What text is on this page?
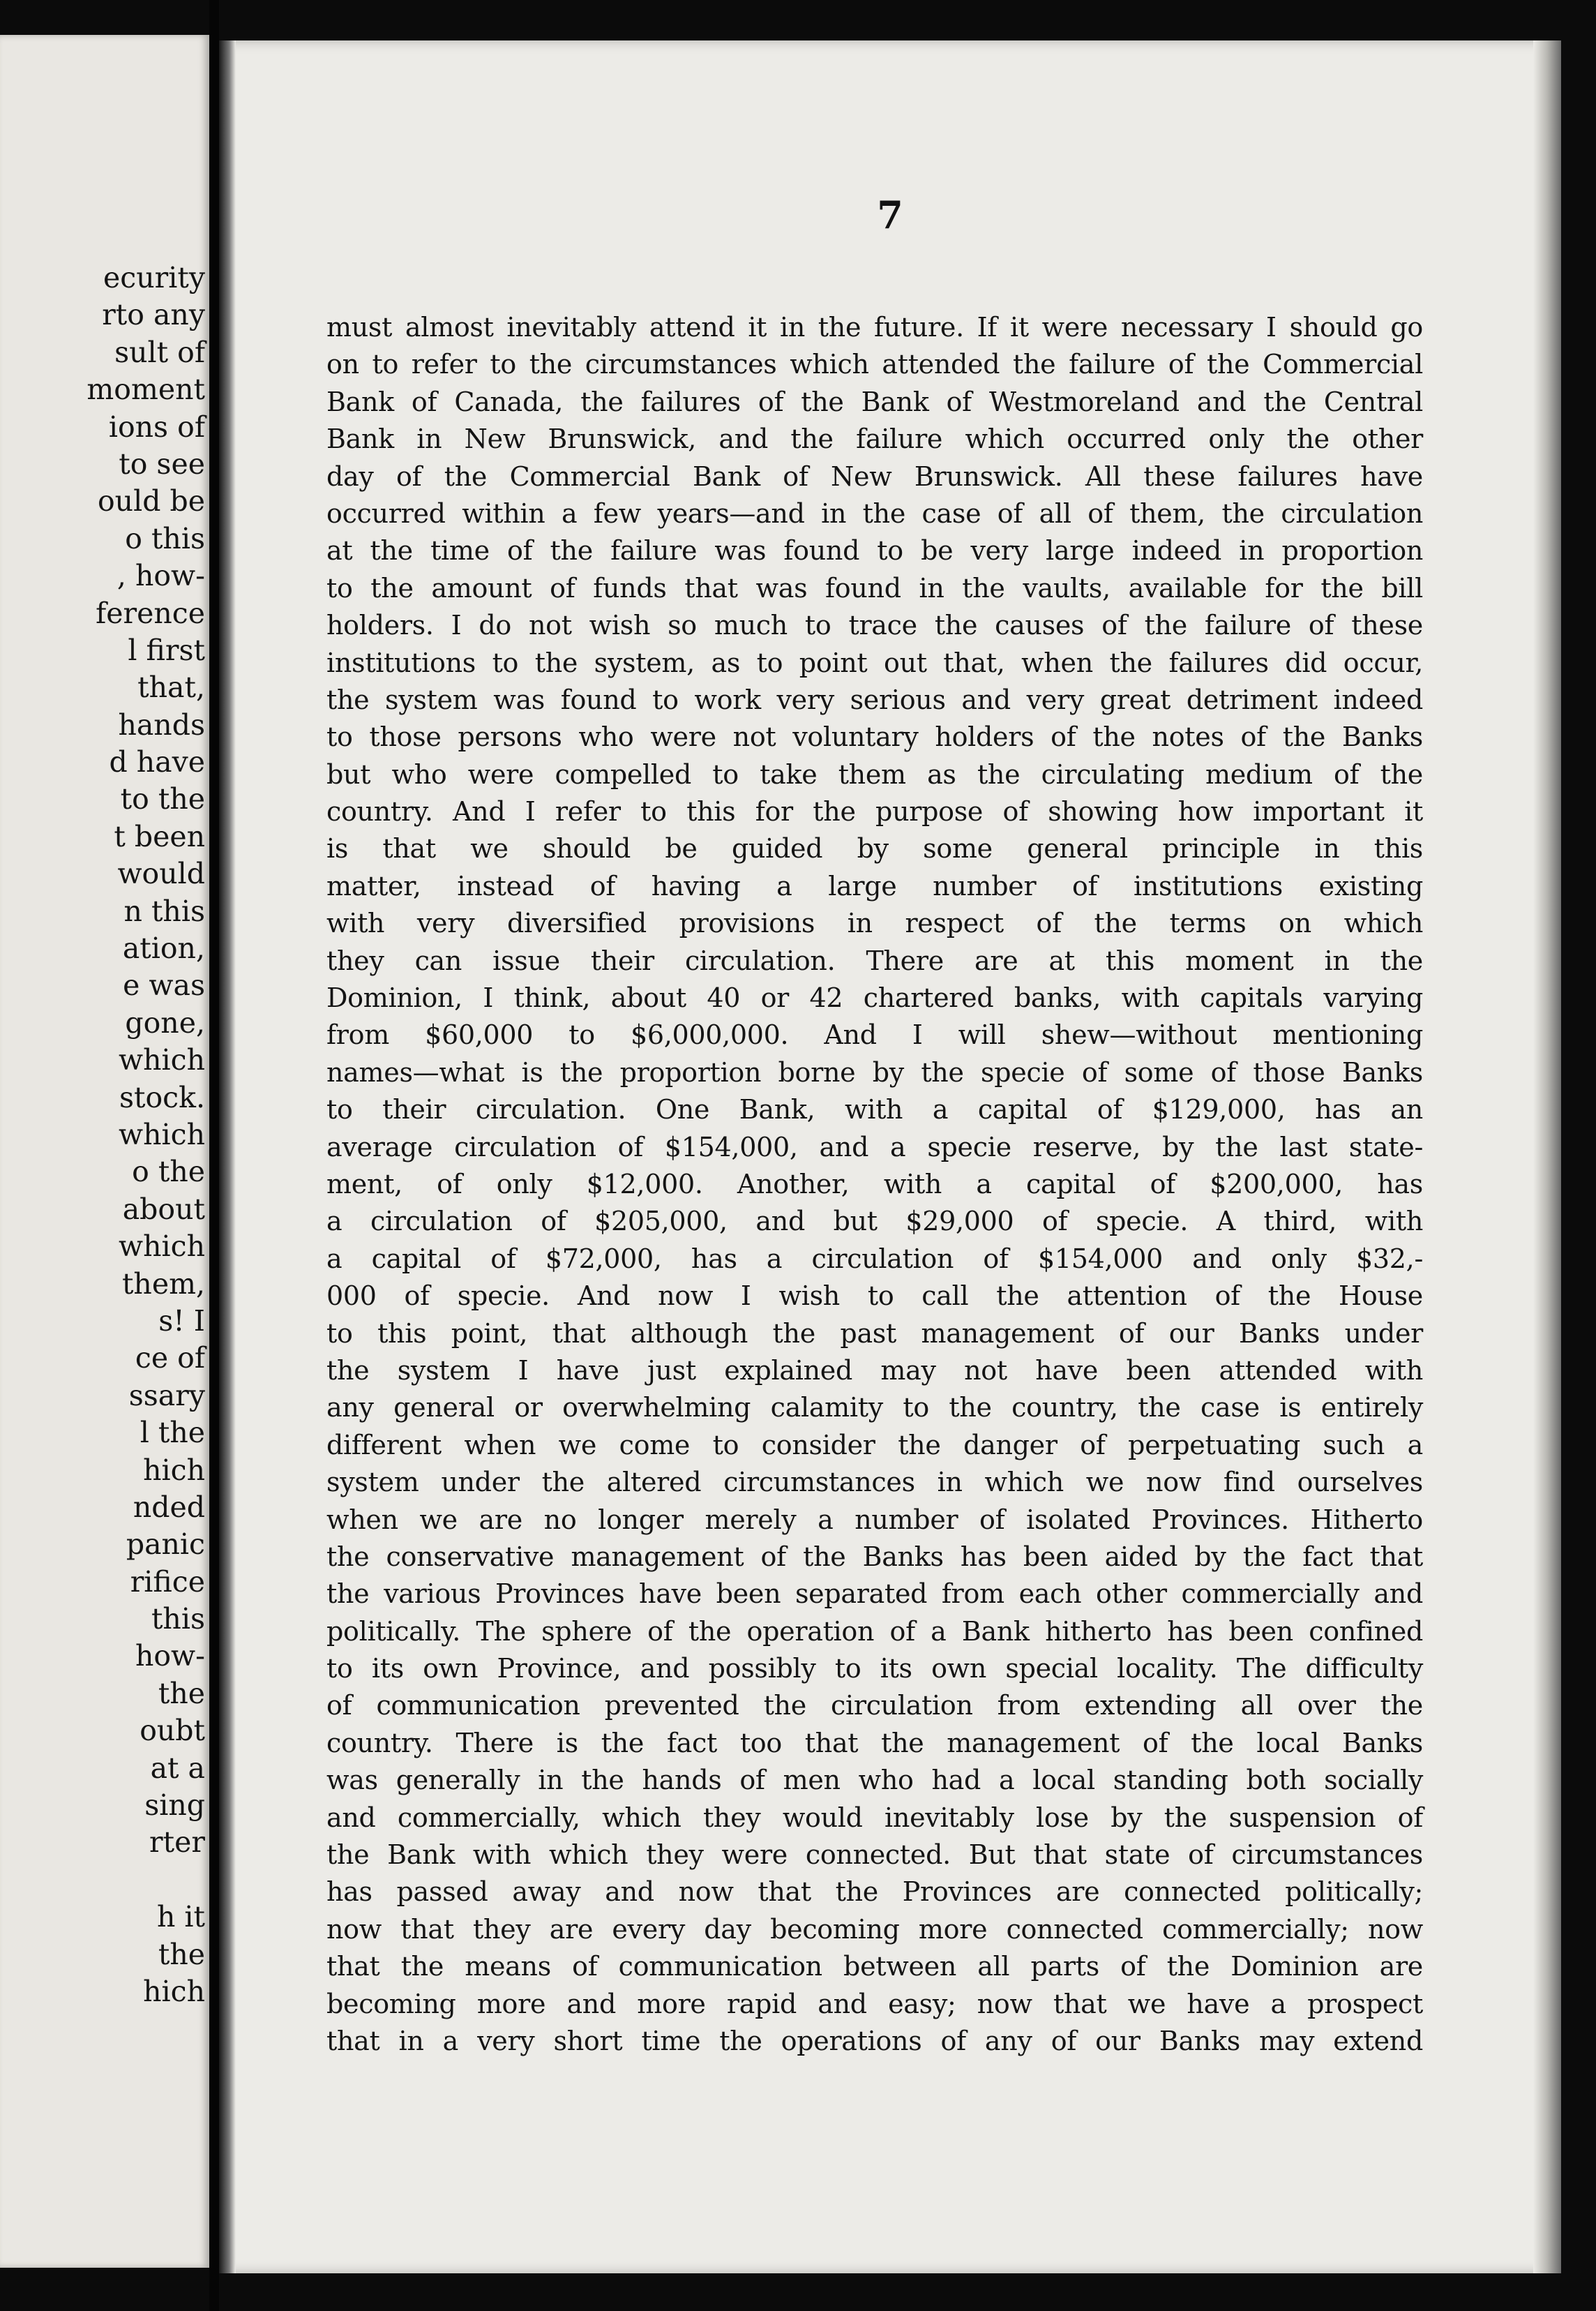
ecurity
rto any
sult of
moment
ions of
to see
ould be
o this
, how-
ference
l first
that,
hands
d have
to the
t been
would
n this
ation,
e was
gone,
which
stock.
which
o the
about
which
them,
s! I
ce of
ssary
l the
hich
nded
panic
rifice
this
how-
the
oubt
at a
sing
rter
h it
the
hich
7
must almost inevitably attend it in the future. If it were necessary I should go
on to refer to the circumstances which attended the failure of the Commercial
Bank of Canada, the failures of the Bank of Westmoreland and the Central
Bank in New Brunswick, and the failure which occurred only the other
day of the Commercial Bank of New Brunswick. All these failures have
occurred within a few years—and in the case of all of them, the circulation
at the time of the failure was found to be very large indeed in proportion
to the amount of funds that was found in the vaults, available for the bill
holders. I do not wish so much to trace the causes of the failure of these
institutions to the system, as to point out that, when the failures did occur,
the system was found to work very serious and very great detriment indeed
to those persons who were not voluntary holders of the notes of the Banks
but who were compelled to take them as the circulating medium of the
country. And I refer to this for the purpose of showing how important it
is that we should be guided by some general principle in this
matter, instead of having a large number of institutions existing
with very diversified provisions in respect of the terms on which
they can issue their circulation. There are at this moment in the
Dominion, I think, about 40 or 42 chartered banks, with capitals varying
from $60,000 to $6,000,000. And I will shew—without mentioning
names—what is the proportion borne by the specie of some of those Banks
to their circulation. One Bank, with a capital of $129,000, has an
average circulation of $154,000, and a specie reserve, by the last state-
ment, of only $12,000. Another, with a capital of $200,000, has
a circulation of $205,000, and but $29,000 of specie. A third, with
a capital of $72,000, has a circulation of $154,000 and only $32,-
000 of specie. And now I wish to call the attention of the House
to this point, that although the past management of our Banks under
the system I have just explained may not have been attended with
any general or overwhelming calamity to the country, the case is entirely
different when we come to consider the danger of perpetuating such a
system under the altered circumstances in which we now find ourselves
when we are no longer merely a number of isolated Provinces. Hitherto
the conservative management of the Banks has been aided by the fact that
the various Provinces have been separated from each other commercially and
politically. The sphere of the operation of a Bank hitherto has been confined
to its own Province, and possibly to its own special locality. The difficulty
of communication prevented the circulation from extending all over the
country. There is the fact too that the management of the local Banks
was generally in the hands of men who had a local standing both socially
and commercially, which they would inevitably lose by the suspension of
the Bank with which they were connected. But that state of circumstances
has passed away and now that the Provinces are connected politically;
now that they are every day becoming more connected commercially; now
that the means of communication between all parts of the Dominion are
becoming more and more rapid and easy; now that we have a prospect
that in a very short time the operations of any of our Banks may extend
